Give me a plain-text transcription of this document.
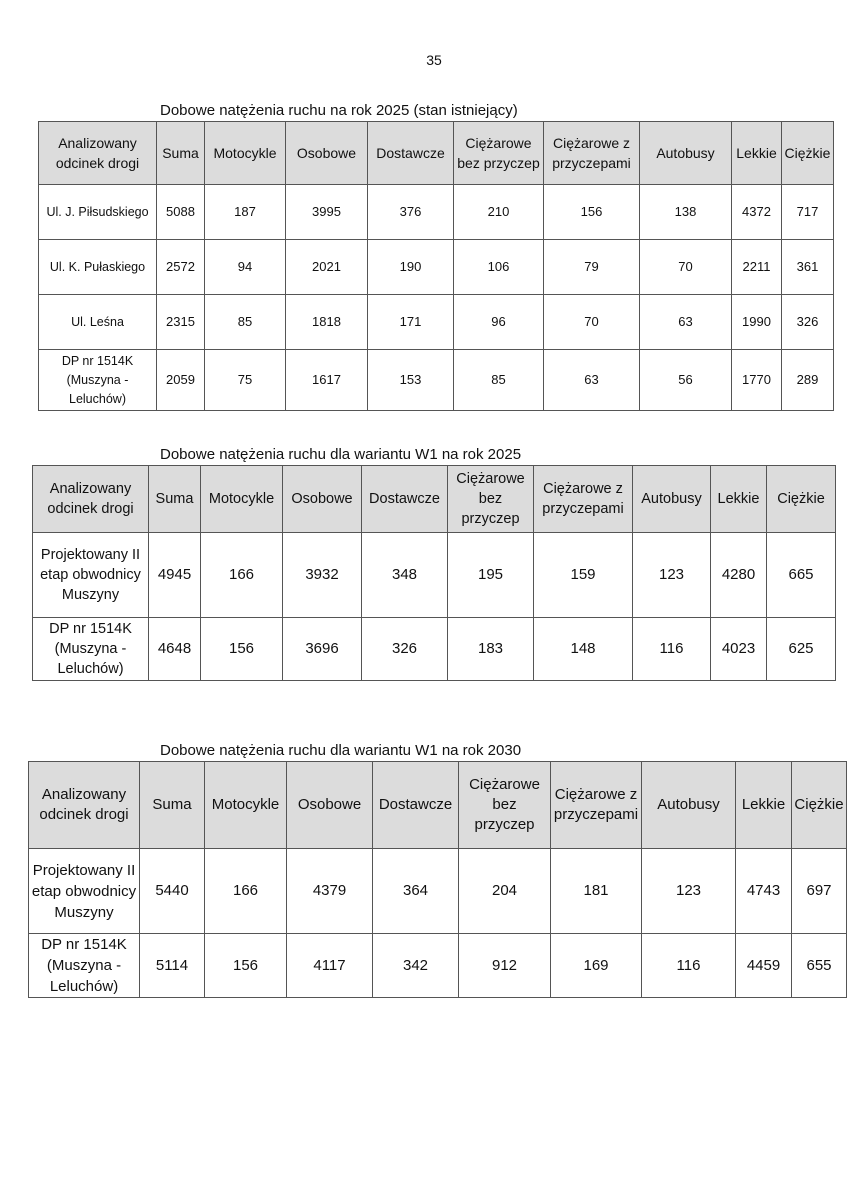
35
Dobowe natężenia ruchu na rok 2025 (stan istniejący)
Analizowany odcinek drogi	Suma	Motocykle	Osobowe	Dostawcze	Ciężarowe bez przyczep	Ciężarowe z przyczepami	Autobusy	Lekkie	Ciężkie
Ul. J. Piłsudskiego	5088	187	3995	376	210	156	138	4372	717
Ul. K. Pułaskiego	2572	94	2021	190	106	79	70	2211	361
Ul. Leśna	2315	85	1818	171	96	70	63	1990	326
DP nr 1514K (Muszyna - Leluchów)	2059	75	1617	153	85	63	56	1770	289
Dobowe natężenia ruchu dla wariantu W1 na rok 2025
Analizowany odcinek drogi	Suma	Motocykle	Osobowe	Dostawcze	Ciężarowe bez przyczep	Ciężarowe z przyczepami	Autobusy	Lekkie	Ciężkie
Projektowany II etap obwodnicy Muszyny	4945	166	3932	348	195	159	123	4280	665
DP nr 1514K (Muszyna - Leluchów)	4648	156	3696	326	183	148	116	4023	625
Dobowe natężenia ruchu dla wariantu W1 na rok 2030
Analizowany odcinek drogi	Suma	Motocykle	Osobowe	Dostawcze	Ciężarowe bez przyczep	Ciężarowe z przyczepami	Autobusy	Lekkie	Ciężkie
Projektowany II etap obwodnicy Muszyny	5440	166	4379	364	204	181	123	4743	697
DP nr 1514K (Muszyna - Leluchów)	5114	156	4117	342	912	169	116	4459	655
